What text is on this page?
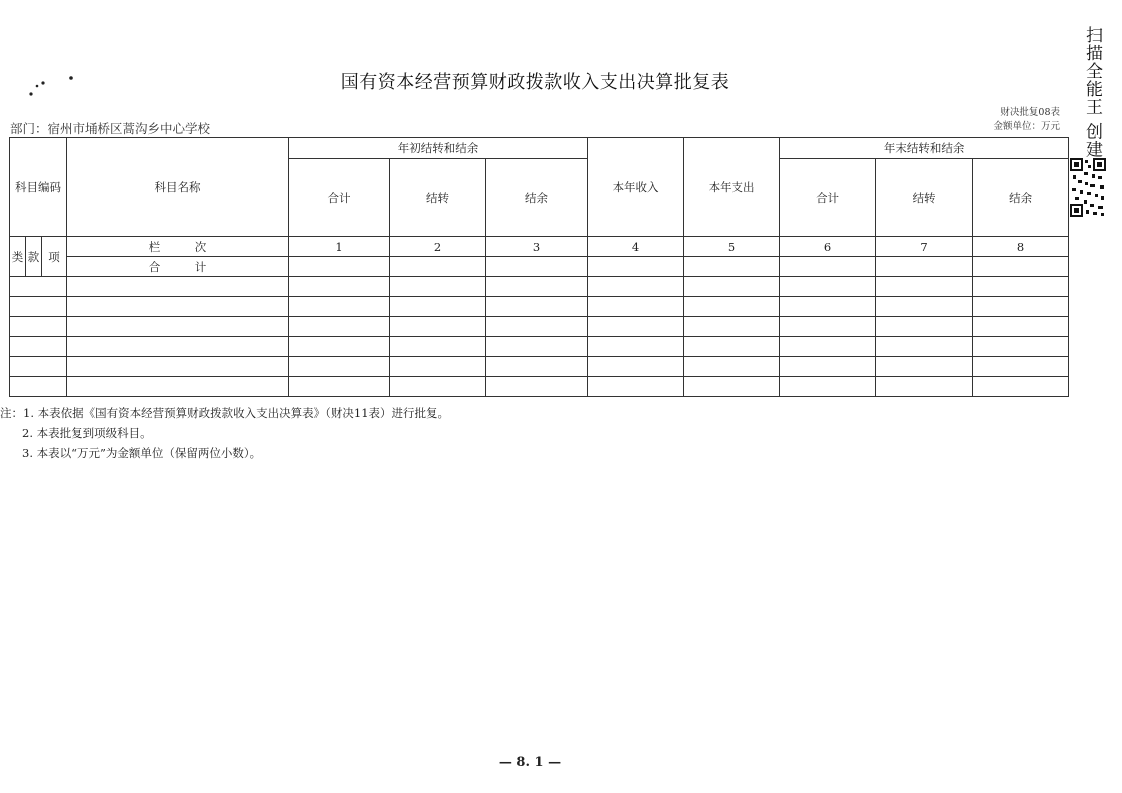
国有资本经营预算财政拨款收入支出决算批复表
部门：宿州市埇桥区蒿沟乡中心学校
财决批复08表
金额单位：万元
科目编码			科目名称	年初结转和结余			本年收入	本年支出	年末结转和结余		
				合计	结转	结余			合计	结转	结余
类	款	项	栏　　　次	1	2	3	4	5	6	7	8
			合　　　计								

注：1. 本表依据《国有资本经营预算财政拨款收入支出决算表》（财决11表）进行批复。
2. 本表批复到项级科目。
3. 本表以“万元”为金额单位（保留两位小数）。
— 8. 1 —
扫描全能王 创建
